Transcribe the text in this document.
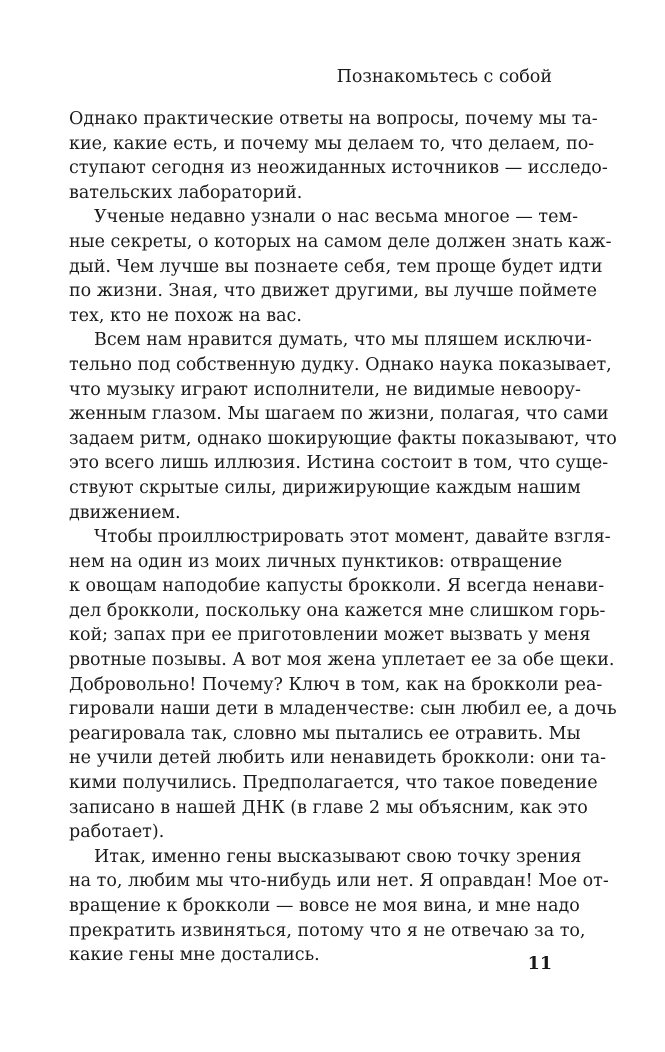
Познакомьтесь с собой

Однако практические ответы на вопросы, почему мы та-
кие, какие есть, и почему мы делаем то, что делаем, по-
ступают сегодня из неожиданных источников — исследо-
вательских лабораторий.

Ученые недавно узнали о нас весьма многое — тем-
ные секреты, о которых на самом деле должен знать каж-
дый. Чем лучше вы познаете себя, тем проще будет идти
по жизни. Зная, что движет другими, вы лучше поймете
тех, кто не похож на вас.

Всем нам нравится думать, что мы пляшем исключи-
тельно под собственную дудку. Однако наука показывает,
что музыку играют исполнители, не видимые невоору-
женным глазом. Мы шагаем по жизни, полагая, что сами
задаем ритм, однако шокирующие факты показывают, что
это всего лишь иллюзия. Истина состоит в том, что суще-
ствуют скрытые силы, дирижирующие каждым нашим
движением.

Чтобы проиллюстрировать этот момент, давайте взгля-
нем на один из моих личных пунктиков: отвращение
к овощам наподобие капусты брокколи. Я всегда ненави-
дел брокколи, поскольку она кажется мне слишком горь-
кой; запах при ее приготовлении может вызвать у меня
рвотные позывы. А вот моя жена уплетает ее за обе щеки.
Добровольно! Почему? Ключ в том, как на брокколи реа-
гировали наши дети в младенчестве: сын любил ее, а дочь
реагировала так, словно мы пытались ее отравить. Мы
не учили детей любить или ненавидеть брокколи: они та-
кими получились. Предполагается, что такое поведение
записано в нашей ДНК (в главе 2 мы объясним, как это
работает).

Итак, именно гены высказывают свою точку зрения
на то, любим мы что-нибудь или нет. Я оправдан! Мое от-
вращение к брокколи — вовсе не моя вина, и мне надо
прекратить извиняться, потому что я не отвечаю за то,
какие гены мне достались.	11
